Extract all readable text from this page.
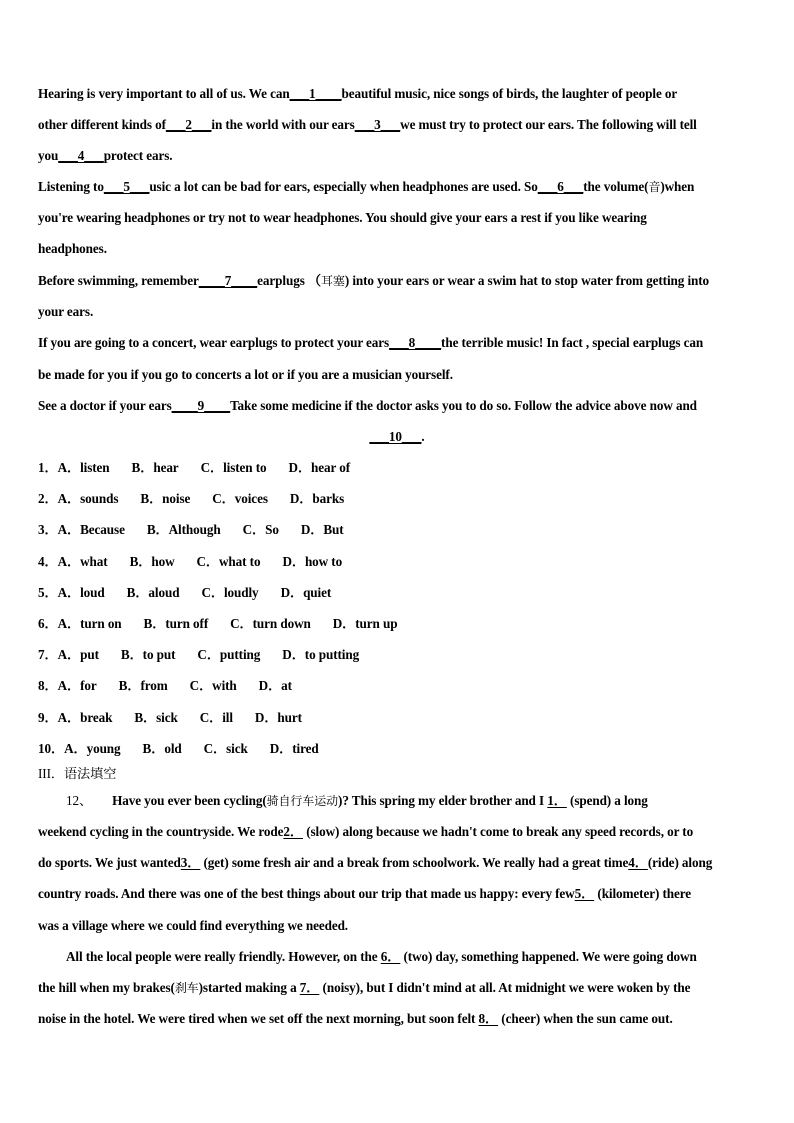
Hearing is very important to all of us. We can___1____beautiful music, nice songs of birds, the laughter of people or
other different kinds of___2___in the world with our ears___3___we must try to protect our ears. The following will tell
you___4___protect ears.
Listening to___5___usic a lot can be bad for ears, especially when headphones are used. So___6___the volume(音)when
you're wearing headphones or try not to wear headphones. You should give your ears a rest if you like wearing
headphones.
Before swimming, remember____7____earplugs （耳塞) into your ears or wear a swim hat to stop water from getting into
your ears.
If you are going to a concert, wear earplugs to protect your ears___8____the terrible music! In fact , special earplugs can
be made for you if you go to concerts a lot or if you are a musician yourself.
See a doctor if your ears____9____Take some medicine if the doctor asks you to do so. Follow the advice above now and
___10___.
1．A．listen B．hear C．listen to D．hear of
2．A．sounds B．noise C．voices D．barks
3．A．Because B．Although C．So D．But
4．A．what B．how C．what to D．how to
5．A．loud B．aloud C．loudly D．quiet
6．A．turn on B．turn off C．turn down D．turn up
7．A．put B．to put C．putting D．to putting
8．A．for B．from C．with D．at
9．A．break B．sick C．ill D．hurt
10．A．young B．old C．sick D．tired
III．语法填空
12、 Have you ever been cycling(骑自行车运动)? This spring my elder brother and I 1． (spend) a long
weekend cycling in the countryside. We rode2． (slow) along because we hadn't come to break any speed records, or to
do sports. We just wanted3． (get) some fresh air and a break from schoolwork. We really had a great time4．(ride) along
country roads. And there was one of the best things about our trip that made us happy: every few5． (kilometer) there
was a village where we could find everything we needed.
All the local people were really friendly. However, on the 6． (two) day, something happened. We were going down
the hill when my brakes(刹车)started making a 7． (noisy), but I didn't mind at all. At midnight we were woken by the
noise in the hotel. We were tired when we set off the next morning, but soon felt 8． (cheer) when the sun came out.
